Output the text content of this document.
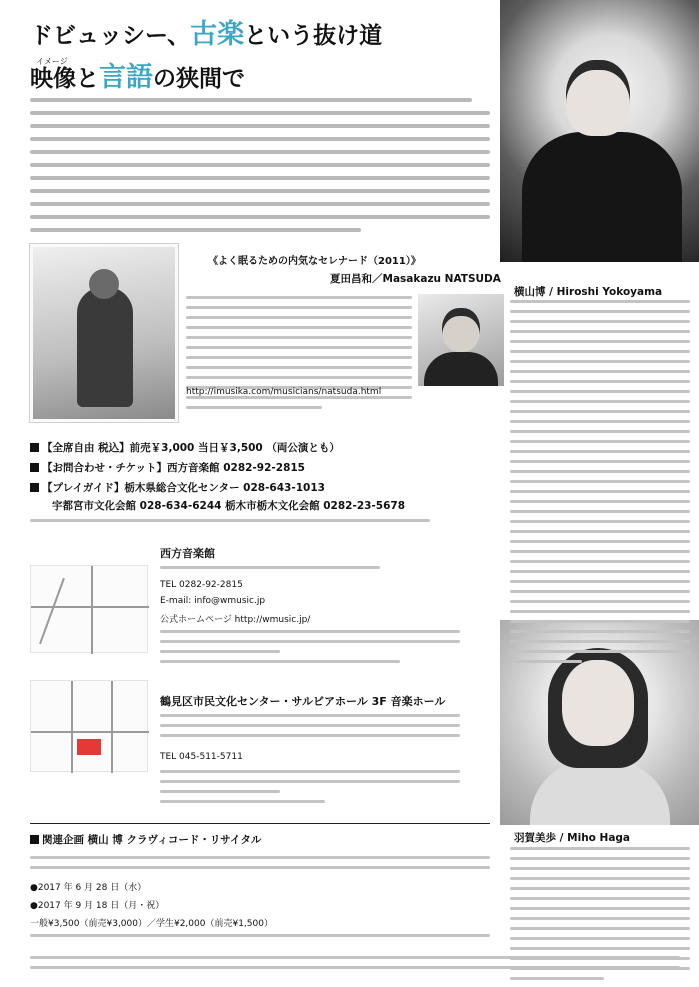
ドビュッシー、古楽という抜け道
イメージ
映像と言語の狭間で
《よく眠るための内気なセレナード（2011）》
夏田昌和／Masakazu NATSUDA
http://imusika.com/musicians/natsuda.html
横山博 / Hiroshi Yokoyama
羽賀美歩 / Miho Haga
【全席自由 税込】前売￥3,000 当日￥3,500 （両公演とも）
【お問合わせ・チケット】西方音楽館 0282-92-2815
【プレイガイド】栃木県総合文化センター 028-643-1013
宇都宮市文化会館 028-634-6244 栃木市栃木文化会館 0282-23-5678
西方音楽館
TEL 0282-92-2815
E-mail: info@wmusic.jp
公式ホームページ http://wmusic.jp/
鶴見区市民文化センター・サルビアホール 3F 音楽ホール
TEL 045-511-5711
関連企画 横山 博 クラヴィコード・リサイタル
●2017 年 6 月 28 日（水）
●2017 年 9 月 18 日（月・祝）
一般¥3,500（前売¥3,000）／学生¥2,000（前売¥1,500）
